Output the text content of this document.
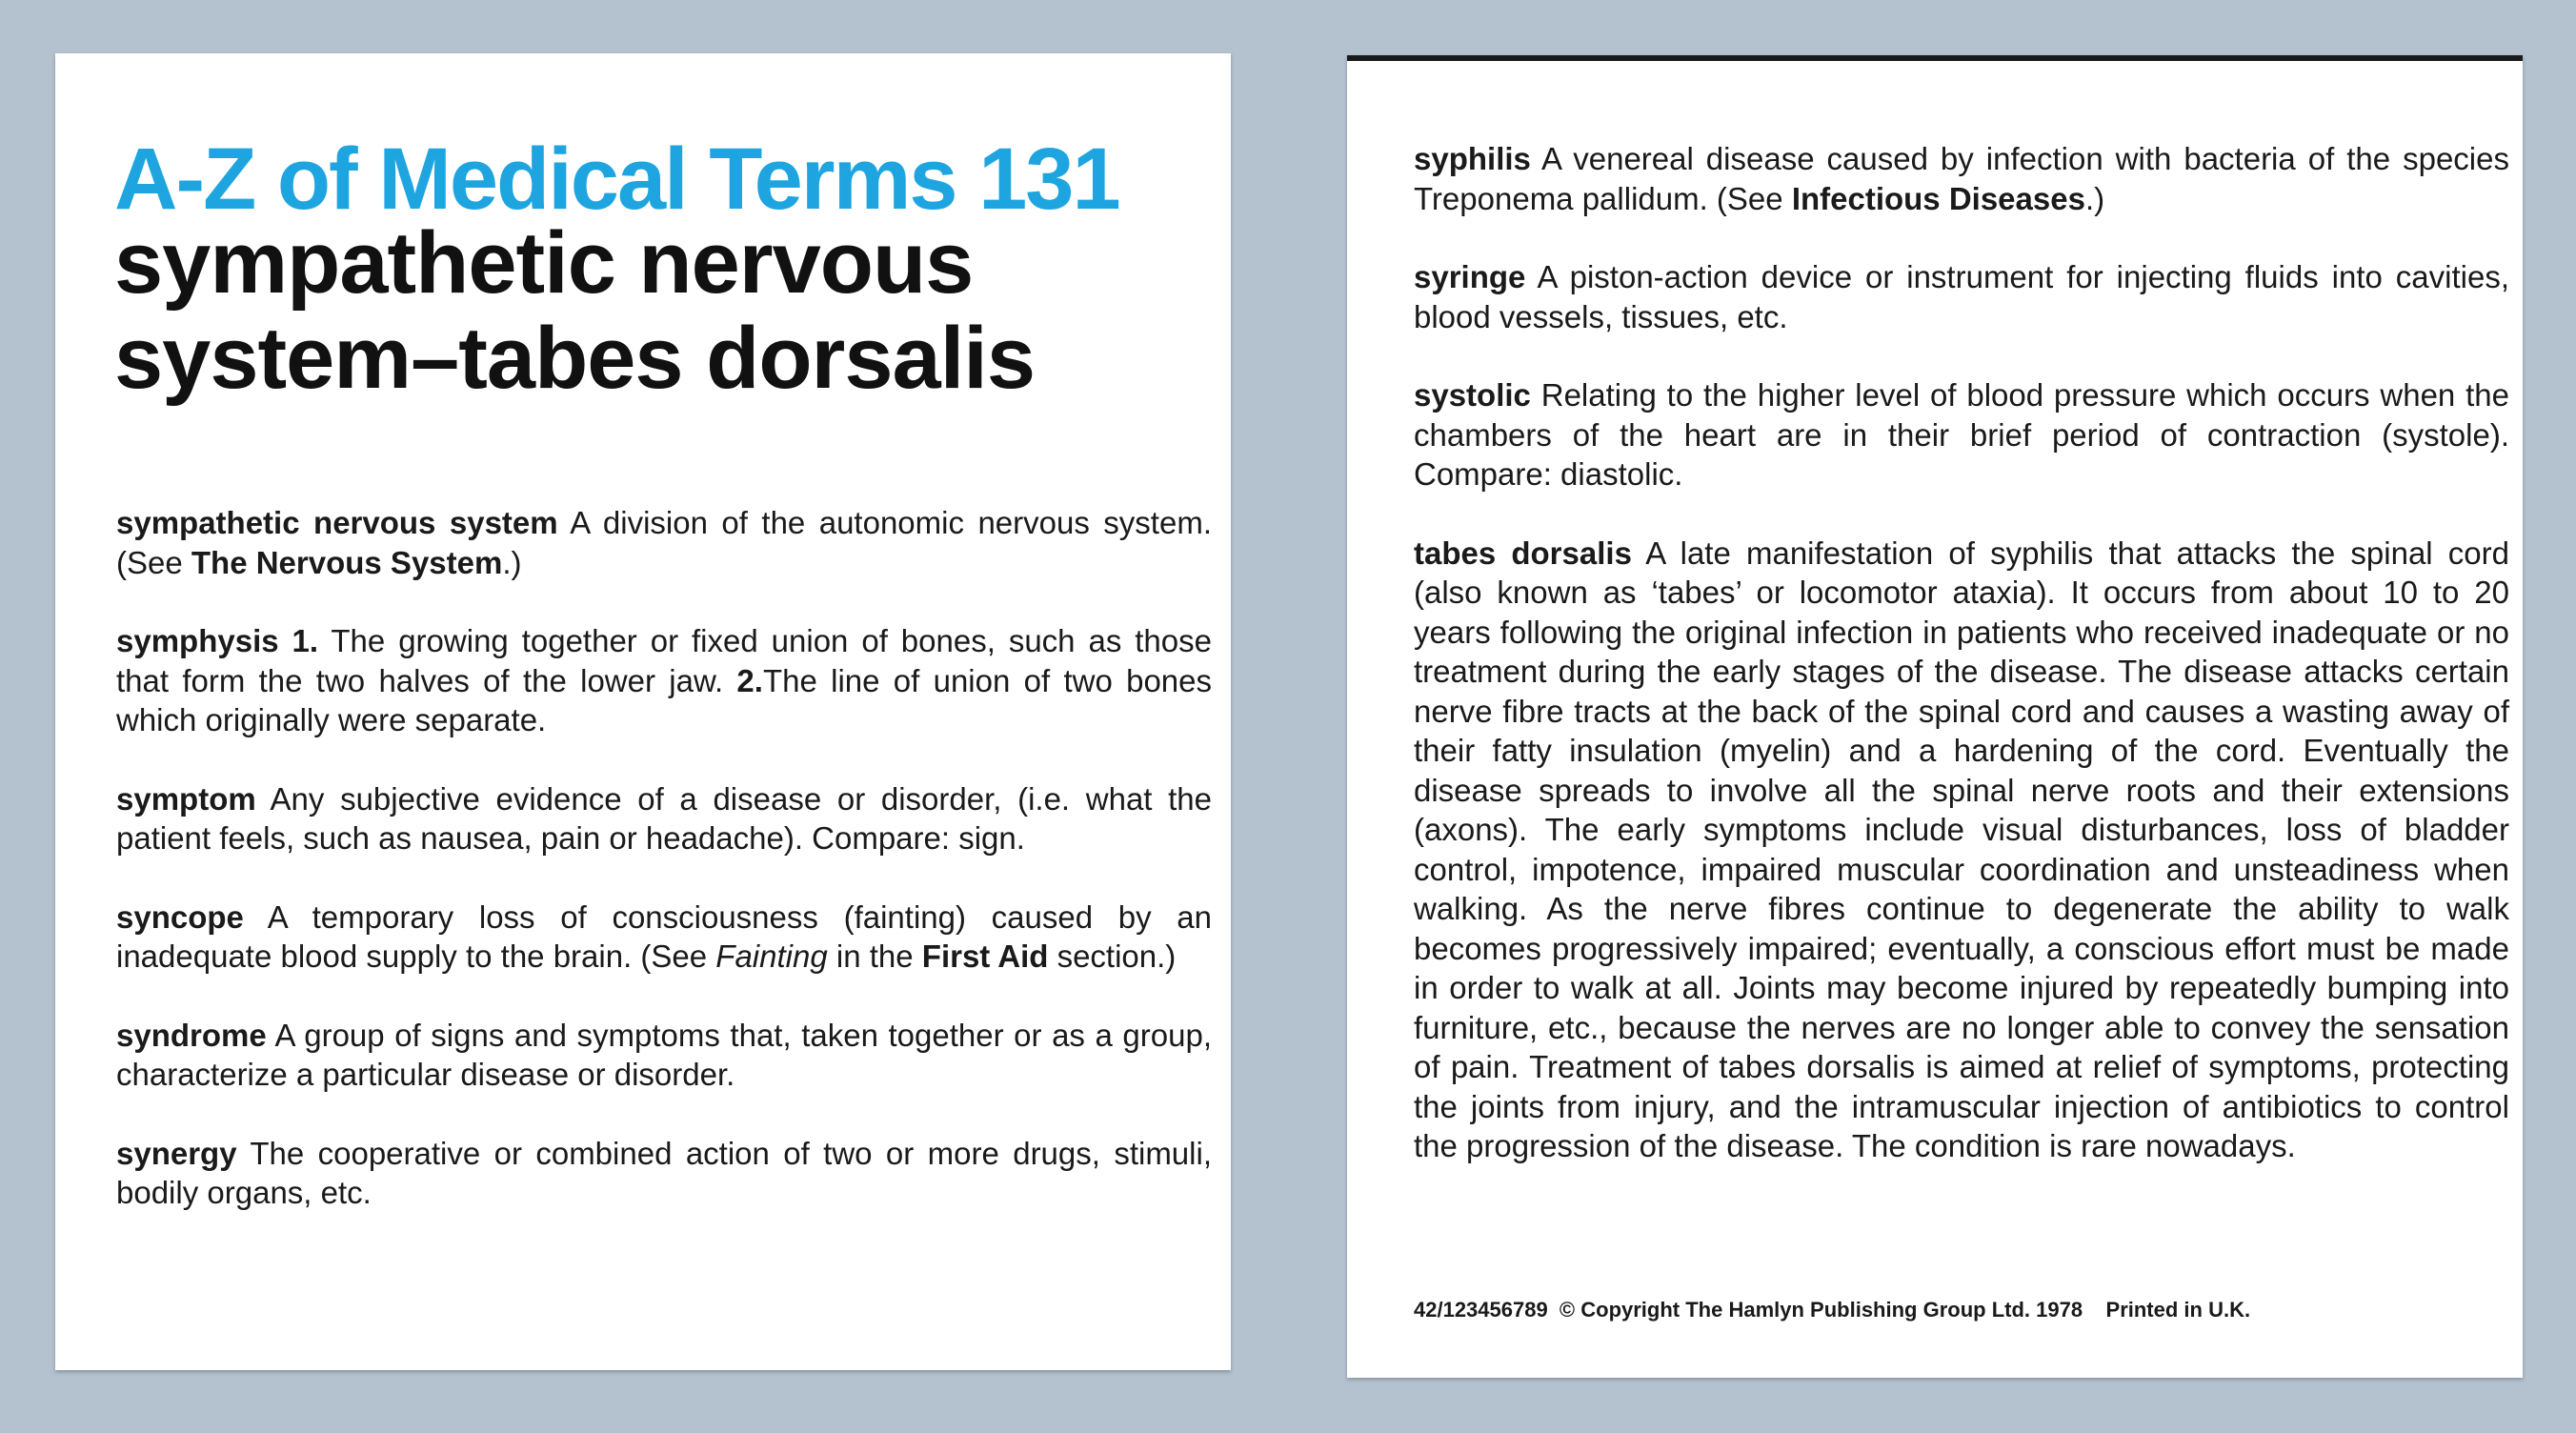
A-Z of Medical Terms 131
sympathetic nervous
system–tabes dorsalis

sympathetic nervous system A division of the autonomic nervous system. (See The Nervous System.)

symphysis 1. The growing together or fixed union of bones, such as those that form the two halves of the lower jaw. 2.The line of union of two bones which originally were separate.

symptom Any subjective evidence of a disease or disorder, (i.e. what the patient feels, such as nausea, pain or headache). Compare: sign.

syncope A temporary loss of consciousness (fainting) caused by an inadequate blood supply to the brain. (See Fainting in the First Aid section.)

syndrome A group of signs and symptoms that, taken together or as a group, characterize a particular disease or disorder.

synergy The cooperative or combined action of two or more drugs, stimuli, bodily organs, etc.

syphilis A venereal disease caused by infection with bacteria of the species Treponema pallidum. (See Infectious Diseases.)

syringe A piston-action device or instrument for injecting fluids into cavities, blood vessels, tissues, etc.

systolic Relating to the higher level of blood pressure which occurs when the chambers of the heart are in their brief period of contraction (systole). Compare: diastolic.

tabes dorsalis A late manifestation of syphilis that attacks the spinal cord (also known as ‘tabes’ or locomotor ataxia). It occurs from about 10 to 20 years following the original infection in patients who received inadequate or no treatment during the early stages of the disease. The disease attacks certain nerve fibre tracts at the back of the spinal cord and causes a wasting away of their fatty insulation (myelin) and a hardening of the cord. Eventually the disease spreads to involve all the spinal nerve roots and their extensions (axons). The early symptoms include visual disturbances, loss of bladder control, impotence, impaired muscular coordination and unsteadiness when walking. As the nerve fibres continue to degenerate the ability to walk becomes progressively impaired; eventually, a conscious effort must be made in order to walk at all. Joints may become injured by repeatedly bumping into furniture, etc., because the nerves are no longer able to convey the sensation of pain. Treatment of tabes dorsalis is aimed at relief of symptoms, protecting the joints from injury, and the intramuscular injection of antibiotics to control the progression of the disease. The condition is rare nowadays.

42/123456789  © Copyright The Hamlyn Publishing Group Ltd. 1978    Printed in U.K.
